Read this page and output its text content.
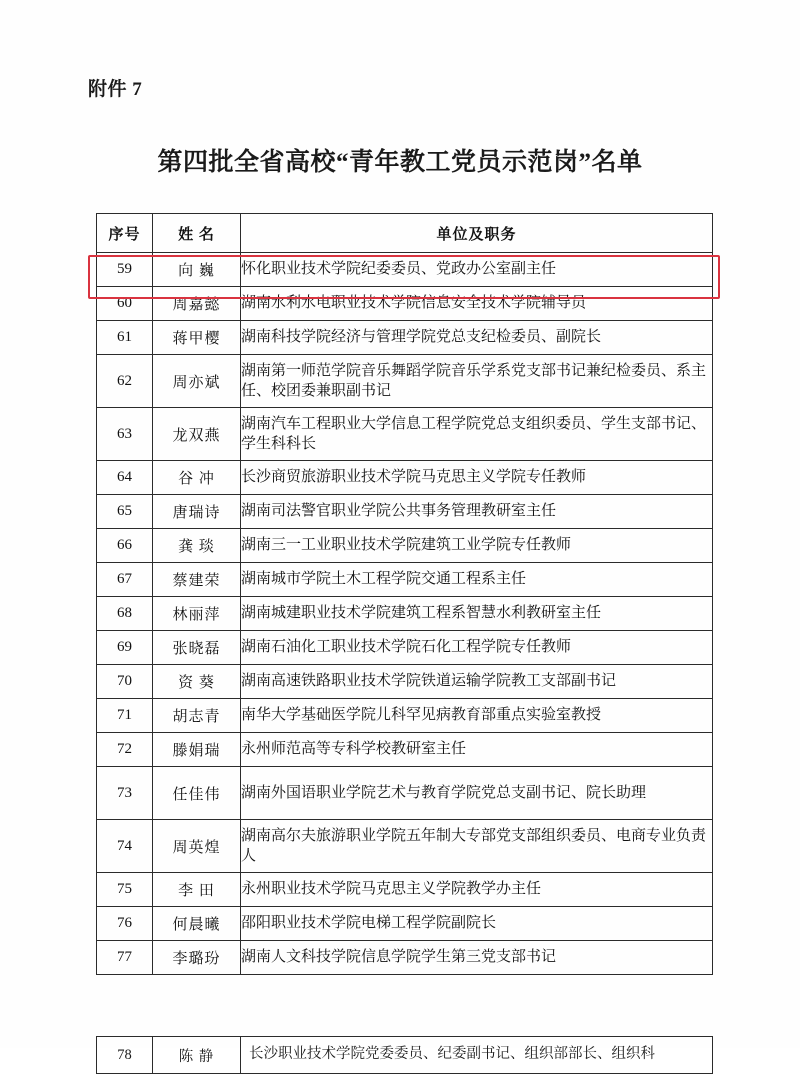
附件 7
第四批全省高校“青年教工党员示范岗”名单
序号	姓 名	单位及职务
59	向 巍	怀化职业技术学院纪委委员、党政办公室副主任
60	周嘉懿	湖南水利水电职业技术学院信息安全技术学院辅导员
61	蒋甲樱	湖南科技学院经济与管理学院党总支纪检委员、副院长
62	周亦斌	湖南第一师范学院音乐舞蹈学院音乐学系党支部书记兼纪检委员、系主任、校团委兼职副书记
63	龙双燕	湖南汽车工程职业大学信息工程学院党总支组织委员、学生支部书记、学生科科长
64	谷 冲	长沙商贸旅游职业技术学院马克思主义学院专任教师
65	唐瑞诗	湖南司法警官职业学院公共事务管理教研室主任
66	龚 琰	湖南三一工业职业技术学院建筑工业学院专任教师
67	蔡建荣	湖南城市学院土木工程学院交通工程系主任
68	林丽萍	湖南城建职业技术学院建筑工程系智慧水利教研室主任
69	张晓磊	湖南石油化工职业技术学院石化工程学院专任教师
70	资 葵	湖南高速铁路职业技术学院铁道运输学院教工支部副书记
71	胡志青	南华大学基础医学院儿科罕见病教育部重点实验室教授
72	滕娟瑞	永州师范高等专科学校教研室主任
73	任佳伟	湖南外国语职业学院艺术与教育学院党总支副书记、院长助理
74	周英煌	湖南高尔夫旅游职业学院五年制大专部党支部组织委员、电商专业负责人
75	李 田	永州职业技术学院马克思主义学院教学办主任
76	何晨曦	邵阳职业技术学院电梯工程学院副院长
77	李璐玢	湖南人文科技学院信息学院学生第三党支部书记
78	陈 静	长沙职业技术学院党委委员、纪委副书记、组织部部长、组织科
